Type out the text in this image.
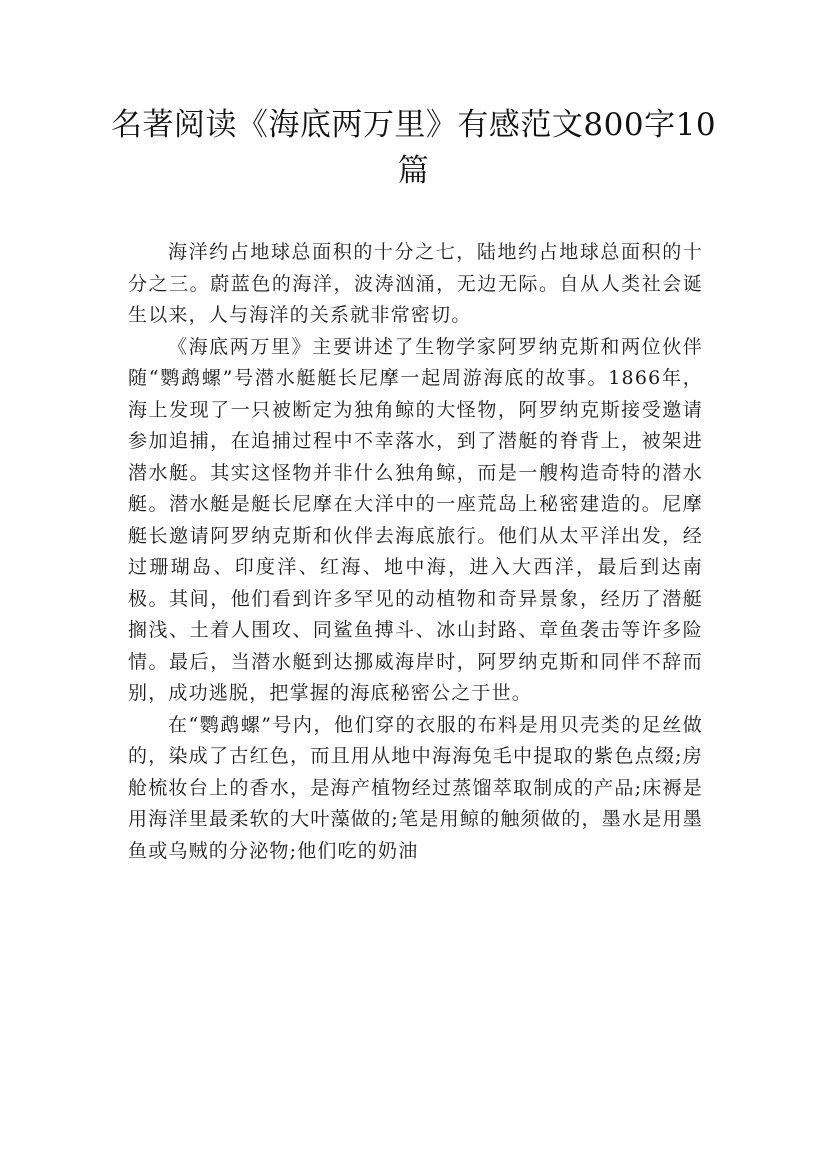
名著阅读《海底两万里》有感范文800字10篇

海洋约占地球总面积的十分之七，陆地约占地球总面积的十分之三。蔚蓝色的海洋，波涛汹涌，无边无际。自从人类社会诞生以来，人与海洋的关系就非常密切。

《海底两万里》主要讲述了生物学家阿罗纳克斯和两位伙伴随“鹦鹉螺”号潜水艇艇长尼摩一起周游海底的故事。1866年，海上发现了一只被断定为独角鲸的大怪物，阿罗纳克斯接受邀请参加追捕，在追捕过程中不幸落水，到了潜艇的脊背上，被架进潜水艇。其实这怪物并非什么独角鲸，而是一艘构造奇特的潜水艇。潜水艇是艇长尼摩在大洋中的一座荒岛上秘密建造的。尼摩艇长邀请阿罗纳克斯和伙伴去海底旅行。他们从太平洋出发，经过珊瑚岛、印度洋、红海、地中海，进入大西洋，最后到达南极。其间，他们看到许多罕见的动植物和奇异景象，经历了潜艇搁浅、土着人围攻、同鲨鱼搏斗、冰山封路、章鱼袭击等许多险情。最后，当潜水艇到达挪威海岸时，阿罗纳克斯和同伴不辞而别，成功逃脱，把掌握的海底秘密公之于世。

在“鹦鹉螺”号内，他们穿的衣服的布料是用贝壳类的足丝做的，染成了古红色，而且用从地中海海兔毛中提取的紫色点缀;房舱梳妆台上的香水，是海产植物经过蒸馏萃取制成的产品;床褥是用海洋里最柔软的大叶藻做的;笔是用鲸的触须做的，墨水是用墨鱼或乌贼的分泌物;他们吃的奶油
